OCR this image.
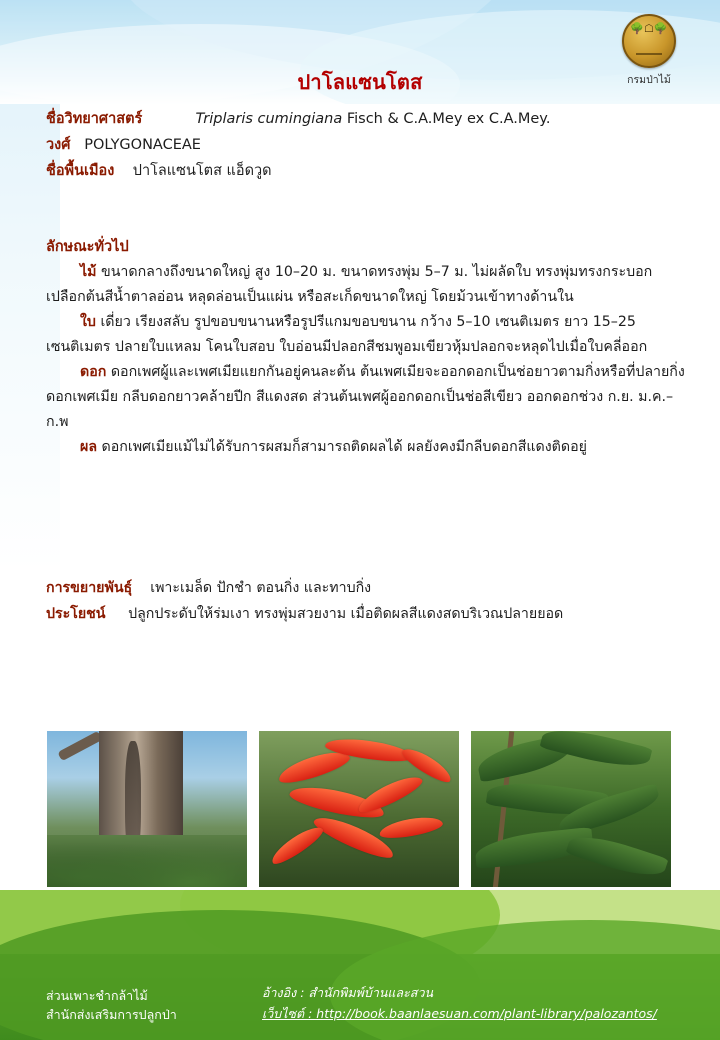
🌳☖🌳
กรมป่าไม้
ปาโลแซนโตส
ชื่อวิทยาศาสตร์	Triplaris cumingiana Fisch & C.A.Mey ex C.A.Mey.
วงศ์ POLYGONACEAE
ชื่อพื้นเมือง ปาโลแซนโตส แอ็ดวูด
ลักษณะทั่วไป
ไม้ ขนาดกลางถึงขนาดใหญ่ สูง 10–20 ม. ขนาดทรงพุ่ม 5–7 ม. ไม่ผลัดใบ ทรงพุ่มทรงกระบอก เปลือกต้นสีน้ำตาลอ่อน หลุดล่อนเป็นแผ่น หรือสะเก็ดขนาดใหญ่ โดยม้วนเข้าทางด้านใน
ใบ เดี่ยว เรียงสลับ รูปขอบขนานหรือรูปรีแกมขอบขนาน กว้าง 5–10 เซนติเมตร ยาว 15–25 เซนติเมตร ปลายใบแหลม โคนใบสอบ ใบอ่อนมีปลอกสีชมพูอมเขียวหุ้มปลอกจะหลุดไปเมื่อใบคลี่ออก
ดอก ดอกเพศผู้และเพศเมียแยกกันอยู่คนละต้น ต้นเพศเมียจะออกดอกเป็นช่อยาวตามกิ่งหรือที่ปลายกิ่ง ดอกเพศเมีย กลีบดอกยาวคล้ายปีก สีแดงสด ส่วนต้นเพศผู้ออกดอกเป็นช่อสีเขียว ออกดอกช่วง ก.ย. ม.ค.– ก.พ
ผล ดอกเพศเมียแม้ไม่ได้รับการผสมก็สามารถติดผลได้ ผลยังคงมีกลีบดอกสีแดงติดอยู่
การขยายพันธุ์ เพาะเมล็ด ปักชำ ตอนกิ่ง และทาบกิ่ง
ประโยชน์ ปลูกประดับให้ร่มเงา ทรงพุ่มสวยงาม เมื่อติดผลสีแดงสดบริเวณปลายยอด
ส่วนเพาะชำกล้าไม้
สำนักส่งเสริมการปลูกป่า
อ้างอิง : สำนักพิมพ์บ้านและสวน
เว็บไซต์ : http://book.baanlaesuan.com/plant-library/palozantos/
